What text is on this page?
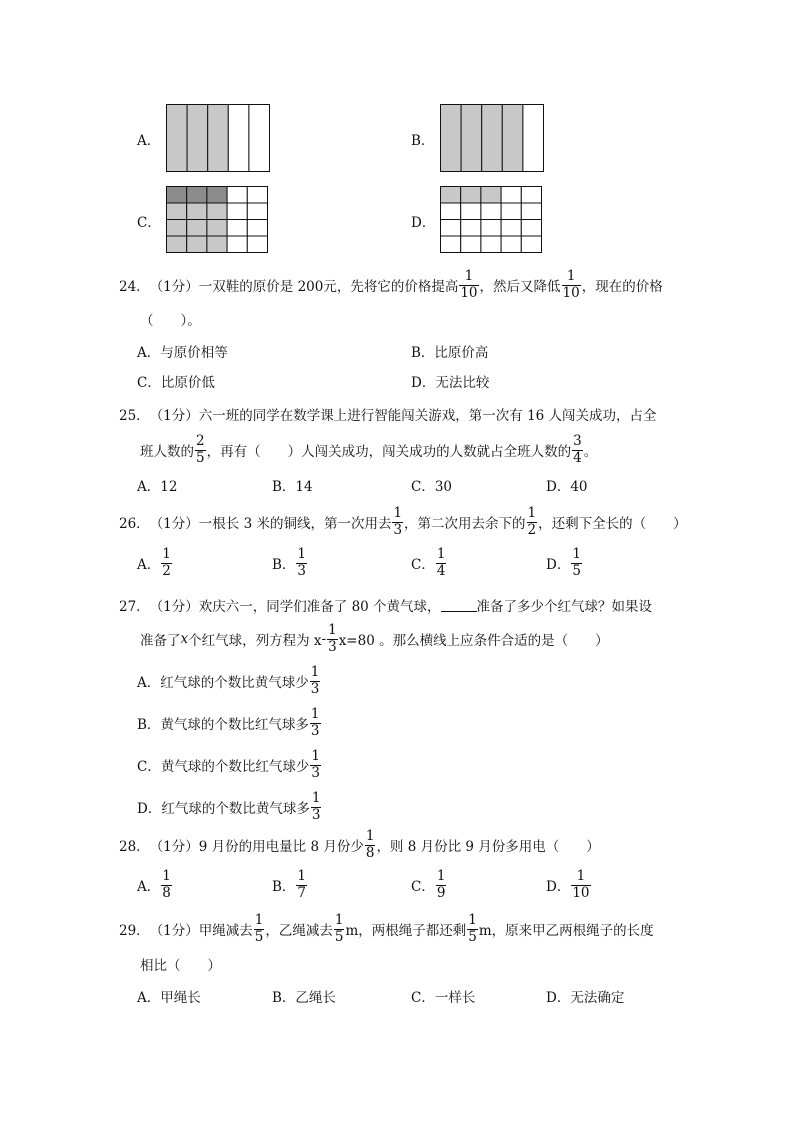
A．	B．
C．	D．
24． （1分） 一双鞋的原价是 200元，先将它的价格提高 $\frac{1}{10}$ ，然后又降低 $\frac{1}{10}$ ，现在的价格
（　　）。
A．与原价相等	B．比原价高
C．比原价低	D．无法比较
25． （1分） 六一班的同学在数学课上进行智能闯关游戏，第一次有 16 人闯关成功，占全
班人数的 $\frac{2}{5}$ ，再有（　　）人闯关成功，闯关成功的人数就占全班人数的 $\frac{3}{4}$ 。
A．12	B．14	C．30	D．40
26． （1分） 一根长 3 米的铜线，第一次用去 $\frac{1}{3}$ ，第二次用去余下的 $\frac{1}{2}$ ，还剩下全长的（　　）
A． $\frac{1}{2}$	B． $\frac{1}{3}$	C． $\frac{1}{4}$	D． $\frac{1}{5}$
27． （1分） 欢庆六一，同学们准备了 80 个黄气球，	准备了多少个红气球？如果设
准备了 x 个红气球，列方程为 $x - \frac{1}{3} x=80$ 。那么横线上应条件合适的是（　　）
A．红气球的个数比黄气球少 $\frac{1}{3}$
B．黄气球的个数比红气球多 $\frac{1}{3}$
C．黄气球的个数比红气球少 $\frac{1}{3}$
D．红气球的个数比黄气球多 $\frac{1}{3}$
28． （1分） 9 月份的用电量比 8 月份少 $\frac{1}{8}$ ，则 8 月份比 9 月份多用电（　　）
A． $\frac{1}{8}$	B． $\frac{1}{7}$	C． $\frac{1}{9}$	D． $\frac{1}{10}$
29． （1分） 甲绳减去 $\frac{1}{5}$ ，乙绳减去 $\frac{1}{5}$ m，两根绳子都还剩 $\frac{1}{5}$ m，原来甲乙两根绳子的长度
相比（　　）
A．甲绳长	B．乙绳长	C．一样长	D．无法确定
